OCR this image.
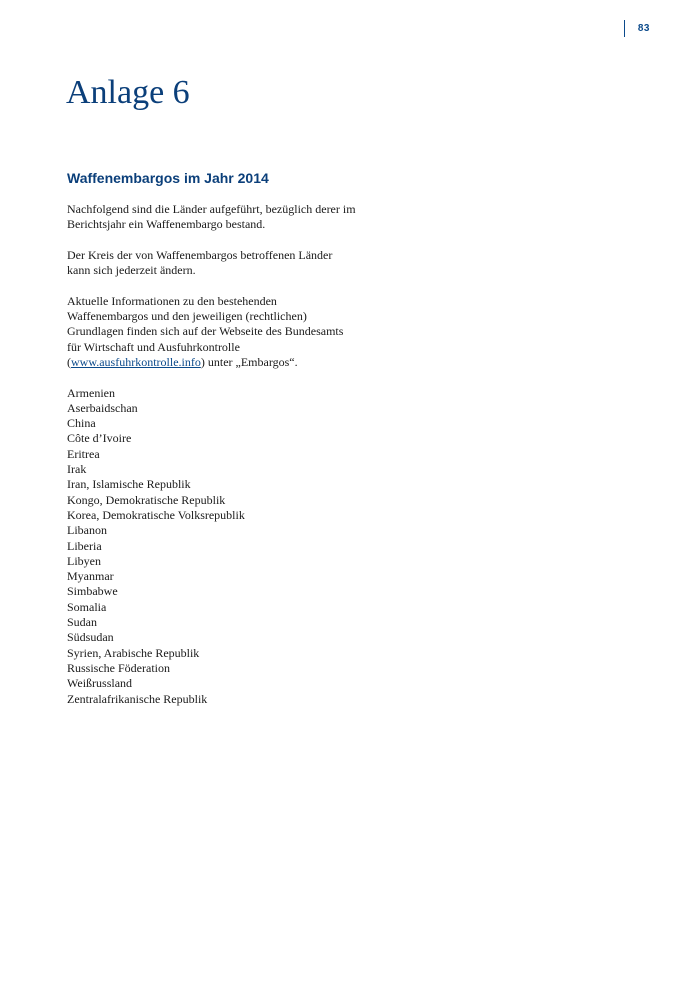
83
Anlage 6
Waffenembargos im Jahr 2014

Nachfolgend sind die Länder aufgeführt, bezüglich derer im
Berichtsjahr ein Waffenembargo bestand.

Der Kreis der von Waffenembargos betroffenen Länder
kann sich jederzeit ändern.

Aktuelle Informationen zu den bestehenden
Waffenembargos und den jeweiligen (rechtlichen)
Grundlagen finden sich auf der Webseite des Bundesamts
für Wirtschaft und Ausfuhrkontrolle
(www.ausfuhrkontrolle.info) unter „Embargos“.

Armenien
Aserbaidschan
China
Côte d’Ivoire
Eritrea
Irak
Iran, Islamische Republik
Kongo, Demokratische Republik
Korea, Demokratische Volksrepublik
Libanon
Liberia
Libyen
Myanmar
Simbabwe
Somalia
Sudan
Südsudan
Syrien, Arabische Republik
Russische Föderation
Weißrussland
Zentralafrikanische Republik
